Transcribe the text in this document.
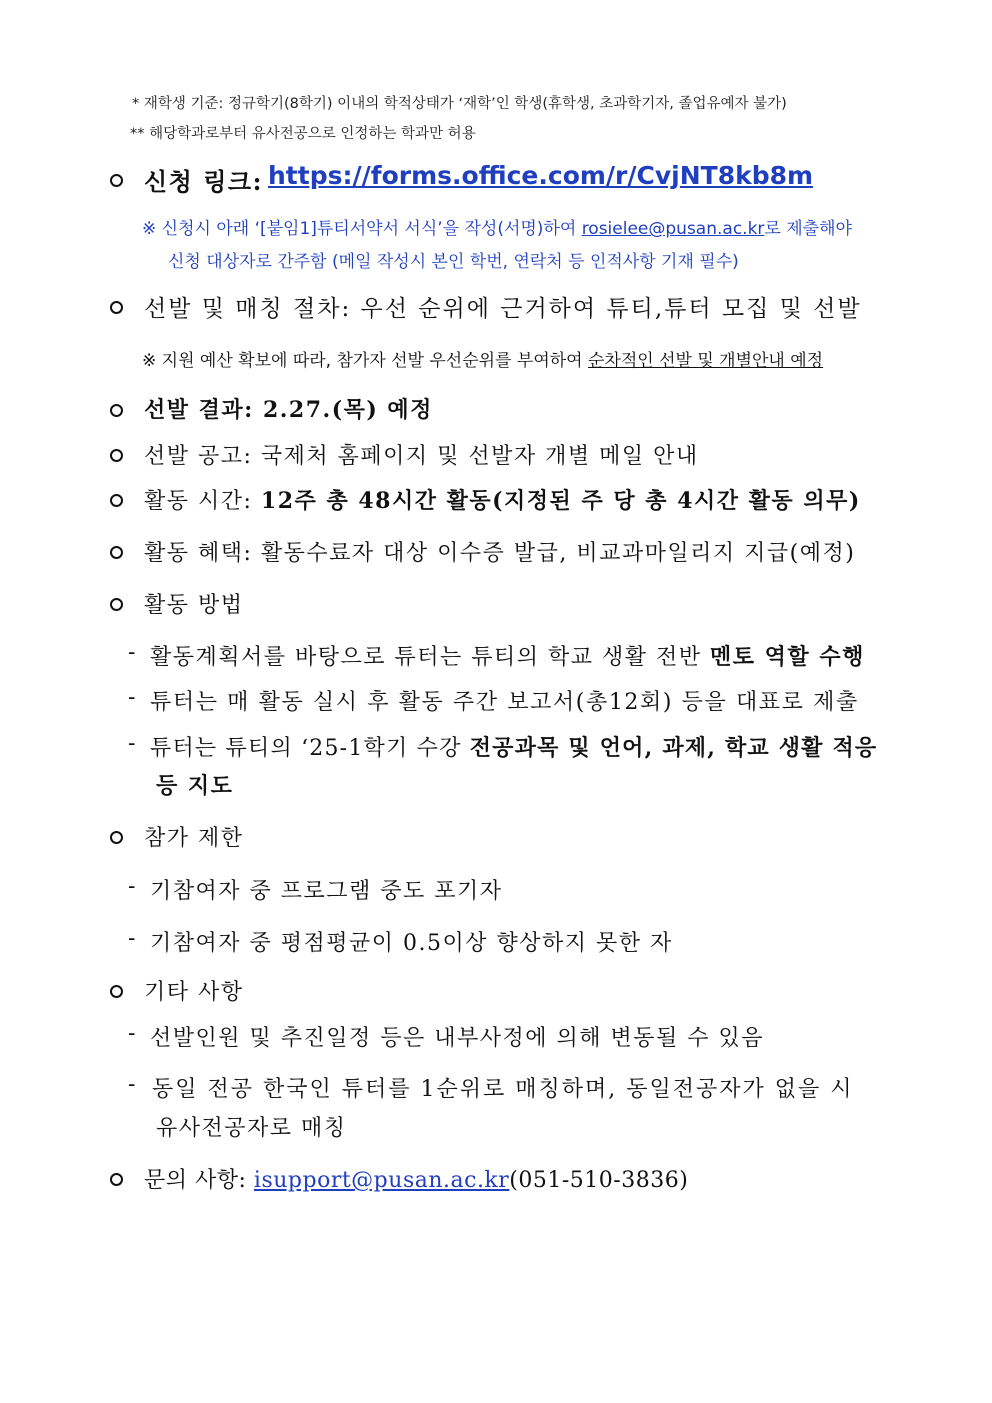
* 재학생 기준: 정규학기(8학기) 이내의 학적상태가 ‘재학’인 학생(휴학생, 초과학기자, 졸업유예자 불가)
** 해당학과로부터 유사전공으로 인정하는 학과만 허용
신청 링크: https://forms.office.com/r/CvjNT8kb8m
※ 신청시 아래 ‘[붙임1]튜티서약서 서식’을 작성(서명)하여 rosielee@pusan.ac.kr로 제출해야
신청 대상자로 간주함 (메일 작성시 본인 학번, 연락처 등 인적사항 기재 필수)
선발 및 매칭 절차: 우선 순위에 근거하여 튜티,튜터 모집 및 선발
※ 지원 예산 확보에 따라, 참가자 선발 우선순위를 부여하여 순차적인 선발 및 개별안내 예정
선발 결과: 2.27.(목) 예정
선발 공고: 국제처 홈페이지 및 선발자 개별 메일 안내
활동 시간: 12주 총 48시간 활동(지정된 주 당 총 4시간 활동 의무)
활동 혜택: 활동수료자 대상 이수증 발급, 비교과마일리지 지급(예정)
활동 방법
- 활동계획서를 바탕으로 튜터는 튜티의 학교 생활 전반 멘토 역할 수행
- 튜터는 매 활동 실시 후 활동 주간 보고서(총12회) 등을 대표로 제출
- 튜터는 튜티의 ‘25-1학기 수강 전공과목 및 언어, 과제, 학교 생활 적응
등 지도
참가 제한
- 기참여자 중 프로그램 중도 포기자
- 기참여자 중 평점평균이 0.5이상 향상하지 못한 자
기타 사항
- 선발인원 및 추진일정 등은 내부사정에 의해 변동될 수 있음
- 동일 전공 한국인 튜터를 1순위로 매칭하며, 동일전공자가 없을 시
유사전공자로 매칭
문의 사항: isupport@pusan.ac.kr(051-510-3836)
